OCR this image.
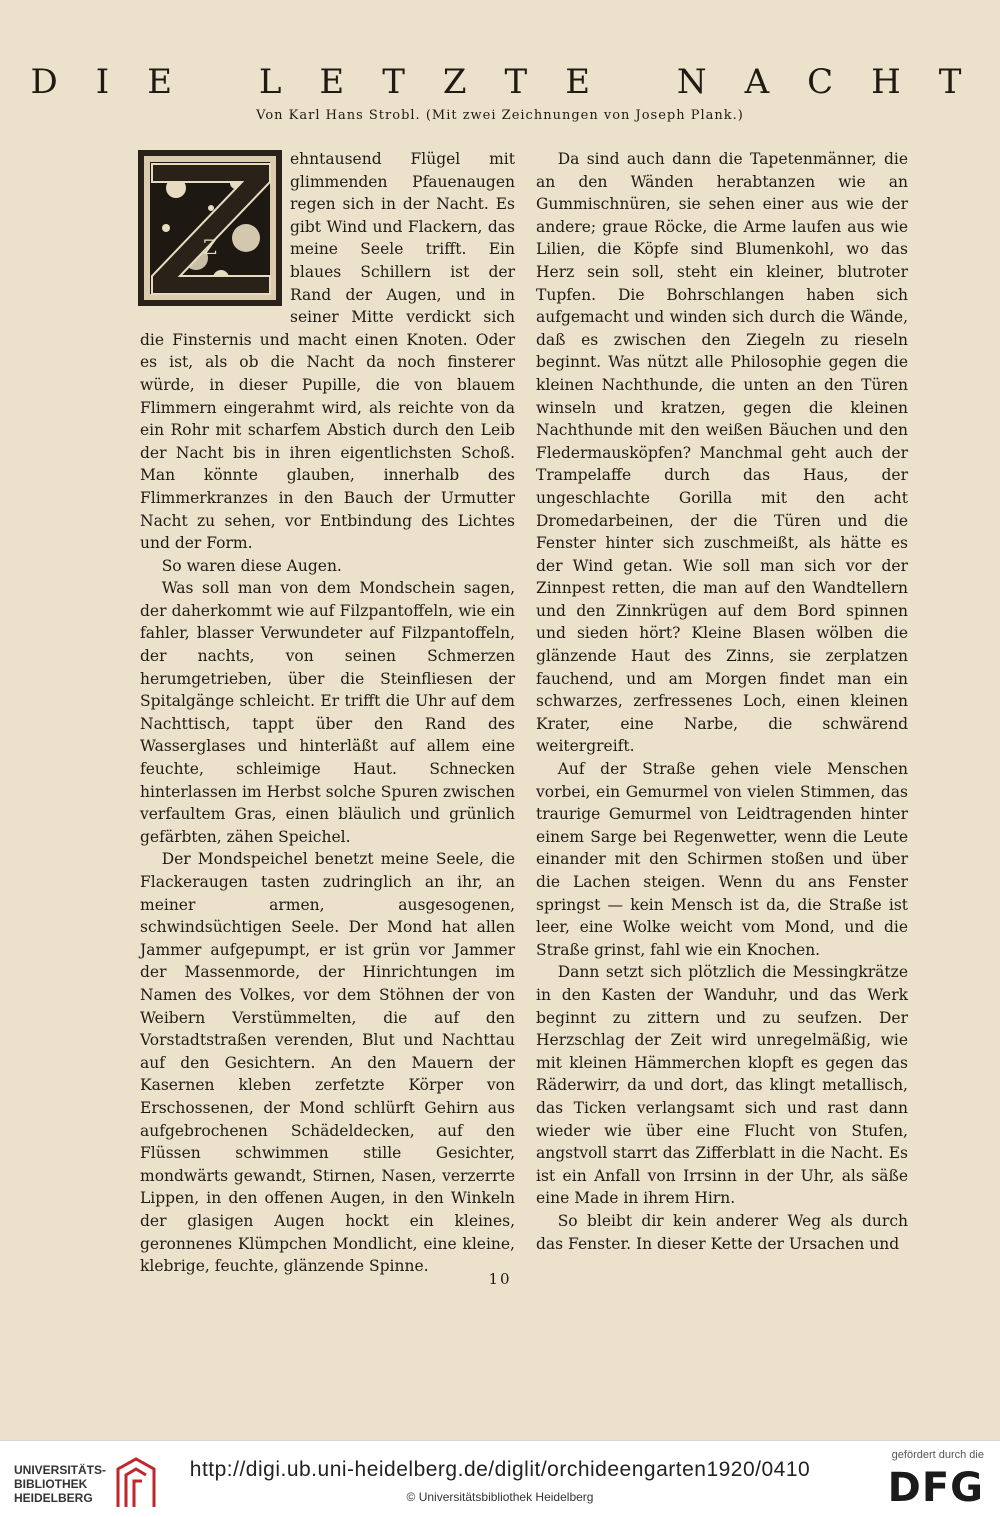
DIE LETZTE NACHT
Von Karl Hans Strobl. (Mit zwei Zeichnungen von Joseph Plank.)
Z

ehntausend Flügel mit glimmenden Pfauenaugen regen sich in der Nacht. Es gibt Wind und Flackern, das meine Seele trifft. Ein blaues Schillern ist der Rand der Augen, und in seiner Mitte verdickt sich die Finsternis und macht einen Knoten. Oder es ist, als ob die Nacht da noch finsterer würde, in dieser Pupille, die von blauem Flimmern eingerahmt wird, als reichte von da ein Rohr mit scharfem Abstich durch den Leib der Nacht bis in ihren eigentlichsten Schoß. Man könnte glauben, innerhalb des Flimmerkranzes in den Bauch der Urmutter Nacht zu sehen, vor Entbindung des Lichtes und der Form.

So waren diese Augen.

Was soll man von dem Mondschein sagen, der daherkommt wie auf Filzpantoffeln, wie ein fahler, blasser Verwundeter auf Filzpantoffeln, der nachts, von seinen Schmerzen herumgetrieben, über die Steinfliesen der Spitalgänge schleicht. Er trifft die Uhr auf dem Nachttisch, tappt über den Rand des Wasserglases und hinterläßt auf allem eine feuchte, schleimige Haut. Schnecken hinterlassen im Herbst solche Spuren zwischen verfaultem Gras, einen bläulich und grünlich gefärbten, zähen Speichel.

Der Mondspeichel benetzt meine Seele, die Flackeraugen tasten zudringlich an ihr, an meiner armen, ausgesogenen, schwindsüchtigen Seele. Der Mond hat allen Jammer aufgepumpt, er ist grün vor Jammer der Massenmorde, der Hinrichtungen im Namen des Volkes, vor dem Stöhnen der von Weibern Verstümmelten, die auf den Vorstadtstraßen verenden, Blut und Nachttau auf den Gesichtern. An den Mauern der Kasernen kleben zerfetzte Körper von Erschossenen, der Mond schlürft Gehirn aus aufgebrochenen Schädeldecken, auf den Flüssen schwimmen stille Gesichter, mondwärts gewandt, Stirnen, Nasen, verzerrte Lippen, in den offenen Augen, in den Winkeln der glasigen Augen hockt ein kleines, geronnenes Klümpchen Mondlicht, eine kleine, klebrige, feuchte, glänzende Spinne.

Da sind auch dann die Tapetenmänner, die an den Wänden herabtanzen wie an Gummischnüren, sie sehen einer aus wie der andere; graue Röcke, die Arme laufen aus wie Lilien, die Köpfe sind Blumenkohl, wo das Herz sein soll, steht ein kleiner, blutroter Tupfen. Die Bohrschlangen haben sich aufgemacht und winden sich durch die Wände, daß es zwischen den Ziegeln zu rieseln beginnt. Was nützt alle Philosophie gegen die kleinen Nachthunde, die unten an den Türen winseln und kratzen, gegen die kleinen Nachthunde mit den weißen Bäuchen und den Fledermausköpfen? Manchmal geht auch der Trampelaffe durch das Haus, der ungeschlachte Gorilla mit den acht Dromedarbeinen, der die Türen und die Fenster hinter sich zuschmeißt, als hätte es der Wind getan. Wie soll man sich vor der Zinnpest retten, die man auf den Wandtellern und den Zinnkrügen auf dem Bord spinnen und sieden hört? Kleine Blasen wölben die glänzende Haut des Zinns, sie zerplatzen fauchend, und am Morgen findet man ein schwarzes, zerfressenes Loch, einen kleinen Krater, eine Narbe, die schwärend weitergreift.

Auf der Straße gehen viele Menschen vorbei, ein Gemurmel von vielen Stimmen, das traurige Gemurmel von Leidtragenden hinter einem Sarge bei Regenwetter, wenn die Leute einander mit den Schirmen stoßen und über die Lachen steigen. Wenn du ans Fenster springst — kein Mensch ist da, die Straße ist leer, eine Wolke weicht vom Mond, und die Straße grinst, fahl wie ein Knochen.

Dann setzt sich plötzlich die Messingkrätze in den Kasten der Wanduhr, und das Werk beginnt zu zittern und zu seufzen. Der Herzschlag der Zeit wird unregelmäßig, wie mit kleinen Hämmerchen klopft es gegen das Räderwirr, da und dort, das klingt metallisch, das Ticken verlangsamt sich und rast dann wieder wie über eine Flucht von Stufen, angstvoll starrt das Zifferblatt in die Nacht. Es ist ein Anfall von Irrsinn in der Uhr, als säße eine Made in ihrem Hirn.

So bleibt dir kein anderer Weg als durch das Fenster. In dieser Kette der Ursachen und

10
UNIVERSITÄTS-
BIBLIOTHEK
HEIDELBERG
http://digi.ub.uni-heidelberg.de/diglit/orchideengarten1920/0410
© Universitätsbibliothek Heidelberg
gefördert durch die
DFG
